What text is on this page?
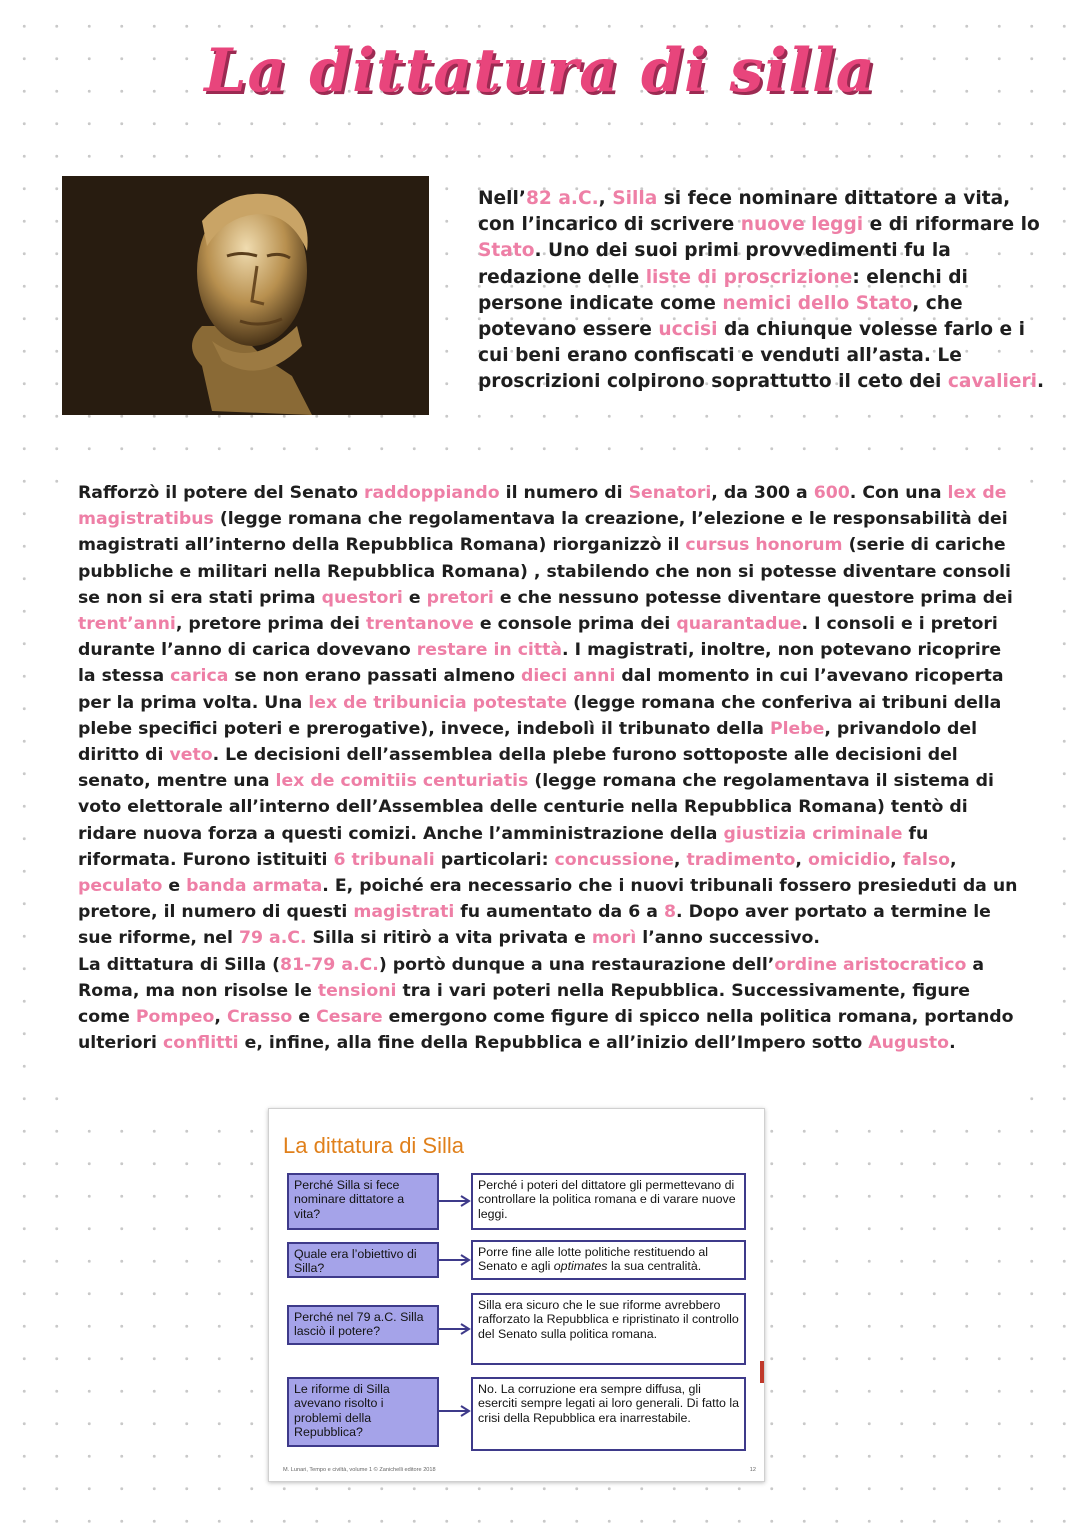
La dittatura di silla

Nell’82 a.C., Silla si fece nominare dittatore a vita, con l’incarico di scrivere nuove leggi e di riformare lo Stato. Uno dei suoi primi provvedimenti fu la redazione delle liste di proscrizione: elenchi di persone indicate come nemici dello Stato, che potevano essere uccisi da chiunque volesse farlo e i cui beni erano confiscati e venduti all’asta. Le proscrizioni colpirono soprattutto il ceto dei cavalieri.

Rafforzò il potere del Senato raddoppiando il numero di Senatori, da 300 a 600. Con una lex de magistratibus (legge romana che regolamentava la creazione, l’elezione e le responsabilità dei magistrati all’interno della Repubblica Romana) riorganizzò il cursus honorum (serie di cariche pubbliche e militari nella Repubblica Romana) , stabilendo che non si potesse diventare consoli se non si era stati prima questori e pretori e che nessuno potesse diventare questore prima dei trent’anni, pretore prima dei trentanove e console prima dei quarantadue. I consoli e i pretori durante l’anno di carica dovevano restare in città. I magistrati, inoltre, non potevano ricoprire la stessa carica se non erano passati almeno dieci anni dal momento in cui l’avevano ricoperta per la prima volta. Una lex de tribunicia potestate (legge romana che conferiva ai tribuni della plebe specifici poteri e prerogative), invece, indebolì il tribunato della Plebe, privandolo del diritto di veto. Le decisioni dell’assemblea della plebe furono sottoposte alle decisioni del senato, mentre una lex de comitiis centuriatis (legge romana che regolamentava il sistema di voto elettorale all’interno dell’Assemblea delle centurie nella Repubblica Romana) tentò di ridare nuova forza a questi comizi. Anche l’amministrazione della giustizia criminale fu riformata. Furono istituiti 6 tribunali particolari: concussione, tradimento, omicidio, falso, peculato e banda armata. E, poiché era necessario che i nuovi tribunali fossero presieduti da un pretore, il numero di questi magistrati fu aumentato da 6 a 8. Dopo aver portato a termine le sue riforme, nel 79 a.C. Silla si ritirò a vita privata e morì l’anno successivo.
La dittatura di Silla (81-79 a.C.) portò dunque a una restaurazione dell’ordine aristocratico a Roma, ma non risolse le tensioni tra i vari poteri nella Repubblica. Successivamente, figure come Pompeo, Crasso e Cesare emergono come figure di spicco nella politica romana, portando ulteriori conflitti e, infine, alla fine della Repubblica e all’inizio dell’Impero sotto Augusto.

La dittatura di Silla
Perché Silla si fece nominare dittatore a vita?
Perché i poteri del dittatore gli permettevano di controllare la politica romana e di varare nuove leggi.
Quale era l’obiettivo di Silla?
Porre fine alle lotte politiche restituendo al Senato e agli optimates la sua centralità.
Perché nel 79 a.C. Silla lasciò il potere?
Silla era sicuro che le sue riforme avrebbero rafforzato la Repubblica e ripristinato il controllo del Senato sulla politica romana.
Le riforme di Silla avevano risolto i problemi della Repubblica?
No. La corruzione era sempre diffusa, gli eserciti sempre legati ai loro generali. Di fatto la crisi della Repubblica era inarrestabile.
M. Lunari, Tempo e civiltà, volume 1 © Zanichelli editore 2018	12
